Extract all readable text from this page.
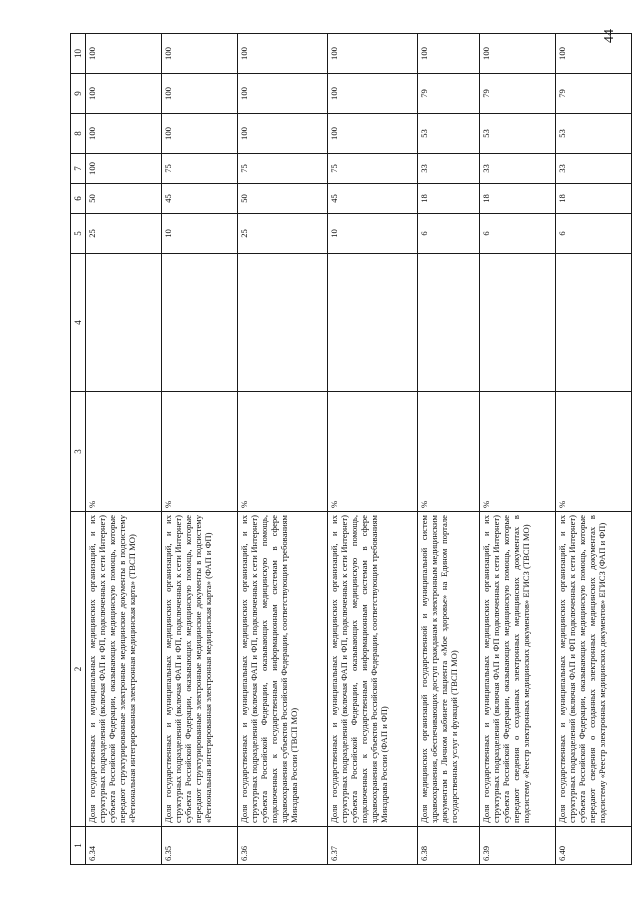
44
1	2	3	4	5	6	7	8	9	10
6.34	Доля государственных и муниципальных медицинских организаций, и их структурных подразделений (включая ФАП и ФП, подключенных к сети Интернет) субъекта Российской Федерации, оказывающих медицинскую помощь, которые передают структурированные электронные медицинские документы в подсистему «Региональная интегрированная электронная медицинская карта» (ТВСП МО)	%		25	50	100	100	100	100
6.35	Доля государственных и муниципальных медицинских организаций, и их структурных подразделений (включая ФАП и ФП, подключенных к сети Интернет) субъекта Российской Федерации, оказывающих медицинскую помощь, которые передают структурированные электронные медицинские документы в подсистему «Региональная интегрированная электронная медицинская карта» (ФАП и ФП)	%		10	45	75	100	100	100
6.36	Доля государственных и муниципальных медицинских организаций, и их структурных подразделений (включая ФАП и ФП, подключенных к сети Интернет) субъекта Российской Федерации, оказывающих медицинскую помощь, подключенных к государственным информационным системам в сфере здравоохранения субъектов Российской Федерации, соответствующим требованиям Минздрава России (ТВСП МО)	%		25	50	75	100	100	100
6.37	Доля государственных и муниципальных медицинских организаций, и их структурных подразделений (включая ФАП и ФП, подключенных к сети Интернет) субъекта Российской Федерации, оказывающих медицинскую помощь, подключенных к государственным информационным системам в сфере здравоохранения субъектов Российской Федерации, соответствующим требованиям Минздрава России (ФАП и ФП)	%		10	45	75	100	100	100
6.38	Доля медицинских организаций государственной и муниципальной систем здравоохранения, обеспечивающих доступ гражданам к электронным медицинским документам в Личном кабинете пациента «Мое здоровье» на Едином портале государственных услуг и функций (ТВСП МО)	%		6	18	33	53	79	100
6.39	Доля государственных и муниципальных медицинских организаций, и их структурных подразделений (включая ФАП и ФП подключенных к сети Интернет) субъекта Российской Федерации, оказывающих медицинскую помощь, которые передают сведения о созданных электронных медицинских документах в подсистему «Реестр электронных медицинских документов» ЕГИСЗ (ТВСП МО)	%		6	18	33	53	79	100
6.40	Доля государственных и муниципальных медицинских организаций, и их структурных подразделений (включая ФАП и ФП подключенных к сети Интернет) субъекта Российской Федерации, оказывающих медицинскую помощь, которые передают сведения о созданных электронных медицинских документах в подсистему «Реестр электронных медицинских документов» ЕГИСЗ (ФАП и ФП)	%		6	18	33	53	79	100
